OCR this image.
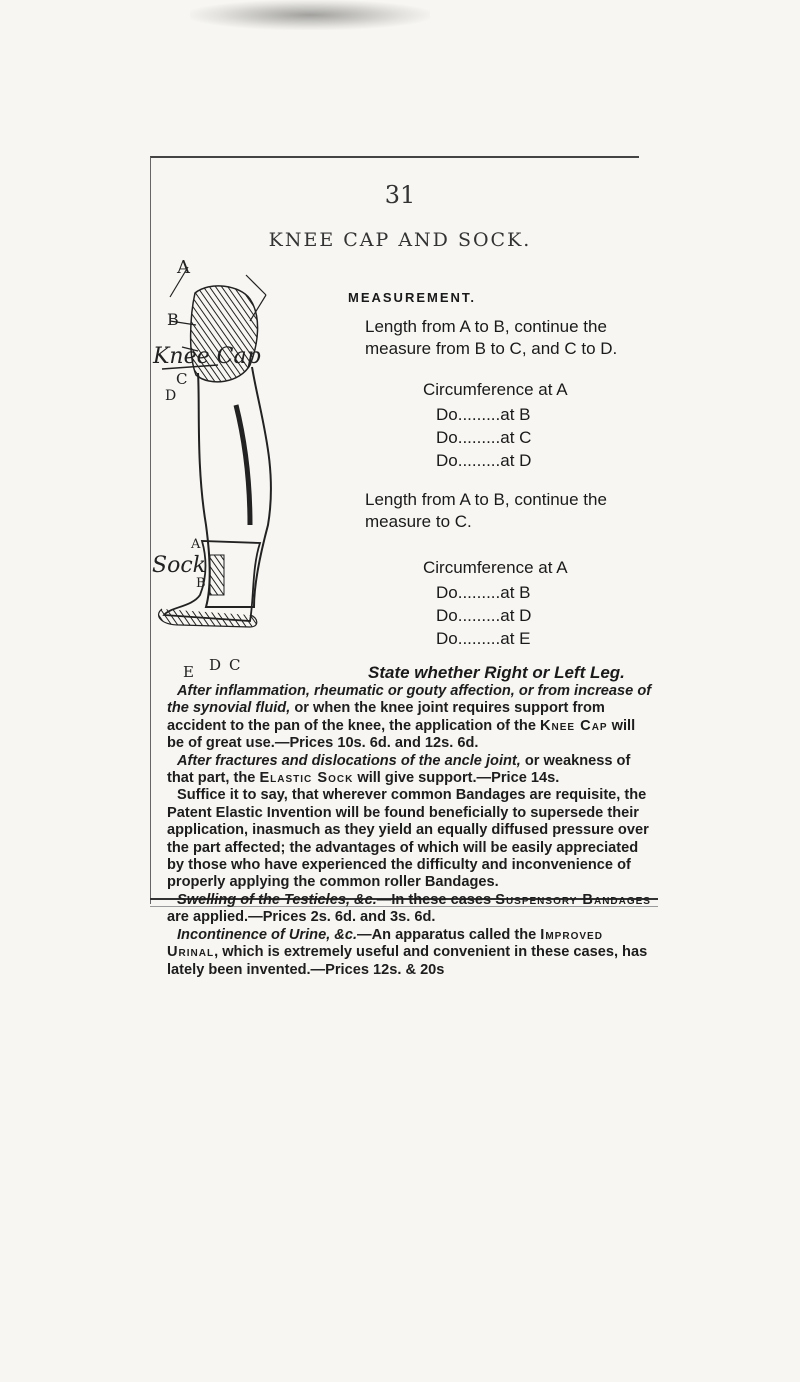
31
KNEE CAP AND SOCK.
A
B
Knee Cap
C
D
A
Sock
B
E D C
MEASUREMENT.
Length from A to B, continue the
measure from B to C, and C to D.
Circumference at A
Do.........at B
Do.........at C
Do.........at D
Length from A to B, continue the
measure to C.
Circumference at A
Do.........at B
Do.........at D
Do.........at E
State whether Right or Left Leg.

After inflammation, rheumatic or gouty affection, or from increase of the synovial fluid, or when the knee joint requires support from accident to the pan of the knee, the application of the Knee Cap will be of great use.—Prices 10s. 6d. and 12s. 6d.

After fractures and dislocations of the ancle joint, or weakness of that part, the Elastic Sock will give support.—Price 14s.

Suffice it to say, that wherever common Bandages are requisite, the Patent Elastic Invention will be found beneficially to supersede their application, inasmuch as they yield an equally diffused pressure over the part affected; the advantages of which will be easily appreciated by those who have experienced the difficulty and inconvenience of properly applying the common roller Bandages.

Swelling of the Testicles, &c.—In these cases Suspensory Bandages are applied.—Prices 2s. 6d. and 3s. 6d.

Incontinence of Urine, &c.—An apparatus called the Improved Urinal, which is extremely useful and convenient in these cases, has lately been invented.—Prices 12s. & 20s
